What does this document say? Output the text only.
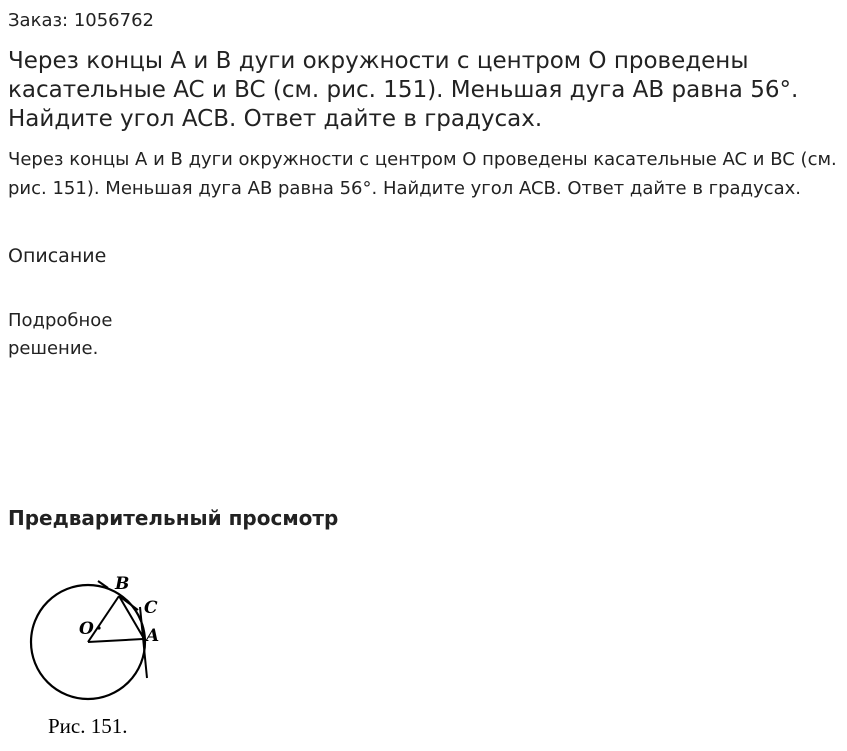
Заказ: 1056762

Через концы A и B дуги окружности с центром O проведены касательные AC и BC (см. рис. 151). Меньшая дуга AB равна 56°. Найдите угол ACB. Ответ дайте в градусах.

Через концы A и B дуги окружности с центром O проведены касательные AC и BC (см. рис. 151). Меньшая дуга AB равна 56°. Найдите угол ACB. Ответ дайте в градусах.

Описание

Подробное решение.

Предварительный просмотр
B
C
O	A
Рис. 151.
